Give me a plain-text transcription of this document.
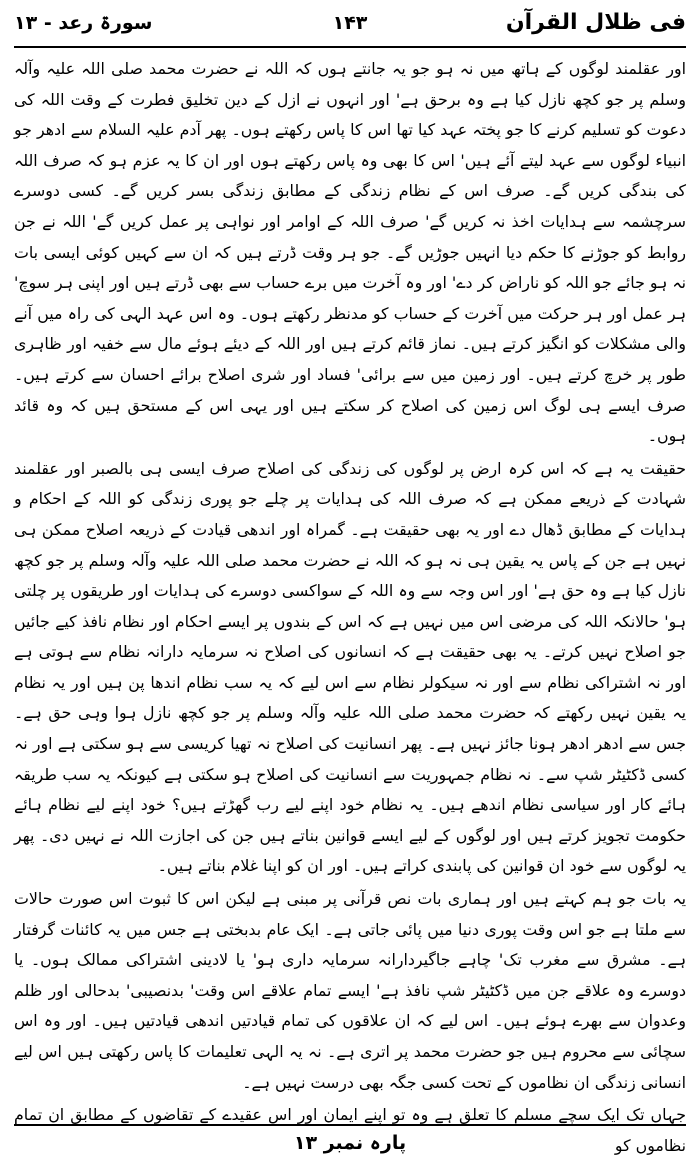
فی ظلال القرآن
۱۴۳
سورۃ رعد - ۱۳

اور عقلمند لوگوں کے ہاتھ میں نہ ہو جو یہ جانتے ہوں کہ اللہ نے حضرت محمد صلی اللہ علیہ وآلہ وسلم پر جو کچھ نازل کیا ہے وہ برحق ہے' اور انہوں نے ازل کے دین تخلیق فطرت کے وقت اللہ کی دعوت کو تسلیم کرنے کا جو پختہ عہد کیا تھا اس کا پاس رکھتے ہوں۔ پھر آدم علیہ السلام سے ادھر جو انبیاء لوگوں سے عہد لیتے آئے ہیں' اس کا بھی وہ پاس رکھتے ہوں اور ان کا یہ عزم ہو کہ صرف اللہ کی بندگی کریں گے۔ صرف اس کے نظام زندگی کے مطابق زندگی بسر کریں گے۔ کسی دوسرے سرچشمہ سے ہدایات اخذ نہ کریں گے' صرف اللہ کے اوامر اور نواہی پر عمل کریں گے' اللہ نے جن روابط کو جوڑنے کا حکم دیا انہیں جوڑیں گے۔ جو ہر وقت ڈرتے ہیں کہ ان سے کہیں کوئی ایسی بات نہ ہو جائے جو اللہ کو ناراض کر دے' اور وہ آخرت میں برے حساب سے بھی ڈرتے ہیں اور اپنی ہر سوچ' ہر عمل اور ہر حرکت میں آخرت کے حساب کو مدنظر رکھتے ہوں۔ وہ اس عہد الہی کی راہ میں آنے والی مشکلات کو انگیز کرتے ہیں۔ نماز قائم کرتے ہیں اور اللہ کے دیئے ہوئے مال سے خفیہ اور ظاہری طور پر خرچ کرتے ہیں۔ اور زمین میں سے برائی' فساد اور شری اصلاح برائے احسان سے کرتے ہیں۔ صرف ایسے ہی لوگ اس زمین کی اصلاح کر سکتے ہیں اور یہی اس کے مستحق ہیں کہ وہ قائد ہوں۔

حقیقت یہ ہے کہ اس کرہ ارض پر لوگوں کی زندگی کی اصلاح صرف ایسی ہی بالصبر اور عقلمند شہادت کے ذریعے ممکن ہے کہ صرف اللہ کی ہدایات پر چلے جو پوری زندگی کو اللہ کے احکام و ہدایات کے مطابق ڈھال دے اور یہ بھی حقیقت ہے۔ گمراہ اور اندھی قیادت کے ذریعہ اصلاح ممکن ہی نہیں ہے جن کے پاس یہ یقین ہی نہ ہو کہ اللہ نے حضرت محمد صلی اللہ علیہ وآلہ وسلم پر جو کچھ نازل کیا ہے وہ حق ہے' اور اس وجہ سے وہ اللہ کے سواکسی دوسرے کی ہدایات اور طریقوں پر چلتی ہو' حالانکہ اللہ کی مرضی اس میں نہیں ہے کہ اس کے بندوں پر ایسے احکام اور نظام نافذ کیے جائیں جو اصلاح نہیں کرتے۔ یہ بھی حقیقت ہے کہ انسانوں کی اصلاح نہ سرمایہ دارانہ نظام سے ہوتی ہے اور نہ اشتراکی نظام سے اور نہ سیکولر نظام سے اس لیے کہ یہ سب نظام اندھا پن ہیں اور یہ نظام یہ یقین نہیں رکھتے کہ حضرت محمد صلی اللہ علیہ وآلہ وسلم پر جو کچھ نازل ہوا وہی حق ہے۔ جس سے ادھر ادھر ہونا جائز نہیں ہے۔ پھر انسانیت کی اصلاح نہ تھیا کریسی سے ہو سکتی ہے اور نہ کسی ڈکٹیٹر شپ سے۔ نہ نظام جمہوریت سے انسانیت کی اصلاح ہو سکتی ہے کیونکہ یہ سب طریقہ ہائے کار اور سیاسی نظام اندھے ہیں۔ یہ نظام خود اپنے لیے رب گھڑتے ہیں؟ خود اپنے لیے نظام ہائے حکومت تجویز کرتے ہیں اور لوگوں کے لیے ایسے قوانین بناتے ہیں جن کی اجازت اللہ نے نہیں دی۔ پھر یہ لوگوں سے خود ان قوانین کی پابندی کراتے ہیں۔ اور ان کو اپنا غلام بناتے ہیں۔

یہ بات جو ہم کہتے ہیں اور ہماری بات نص قرآنی پر مبنی ہے لیکن اس کا ثبوت اس صورت حالات سے ملتا ہے جو اس وقت پوری دنیا میں پائی جاتی ہے۔ ایک عام بدبختی ہے جس میں یہ کائنات گرفتار ہے۔ مشرق سے مغرب تک' چاہے جاگیردارانہ سرمایہ داری ہو' یا لادینی اشتراکی ممالک ہوں۔ یا دوسرے وہ علاقے جن میں ڈکٹیٹر شپ نافذ ہے' ایسے تمام علاقے اس وقت' بدنصیبی' بدحالی اور ظلم وعدوان سے بھرے ہوئے ہیں۔ اس لیے کہ ان علاقوں کی تمام قیادتیں اندھی قیادتیں ہیں۔ اور وہ اس سچائی سے محروم ہیں جو حضرت محمد پر اتری ہے۔ نہ یہ الہی تعلیمات کا پاس رکھتی ہیں اس لیے انسانی زندگی ان نظاموں کے تحت کسی جگہ بھی درست نہیں ہے۔

جہاں تک ایک سچے مسلم کا تعلق ہے وہ تو اپنے ایمان اور اس عقیدے کے تقاضوں کے مطابق ان تمام نظاموں کو

پارہ نمبر ۱۳
